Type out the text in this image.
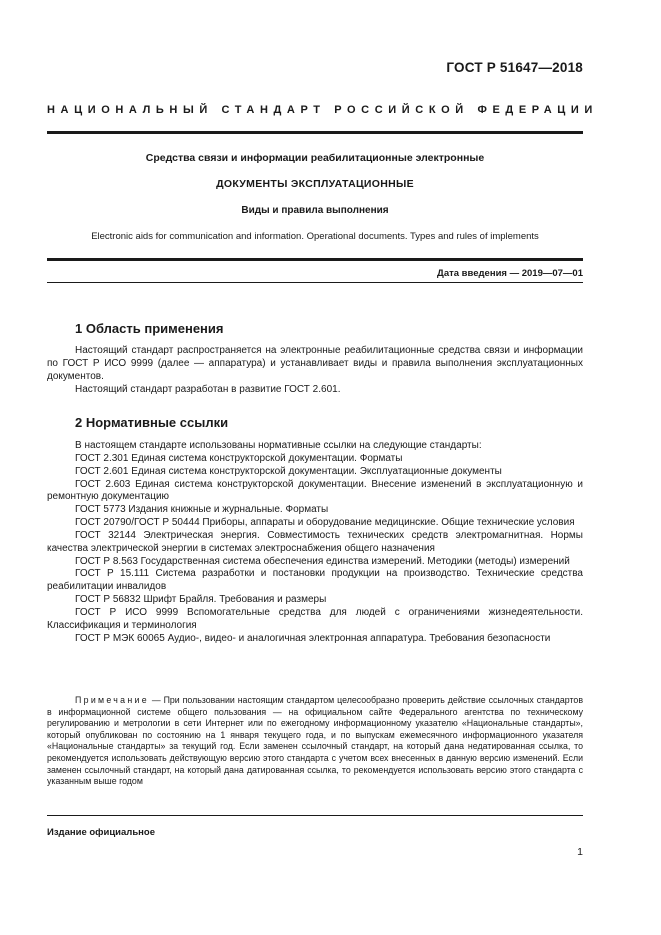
ГОСТ Р 51647—2018
НАЦИОНАЛЬНЫЙ СТАНДАРТ РОССИЙСКОЙ ФЕДЕРАЦИИ
Средства связи и информации реабилитационные электронные
ДОКУМЕНТЫ ЭКСПЛУАТАЦИОННЫЕ
Виды и правила выполнения
Electronic aids for communication and information. Operational documents. Types and rules of implements
Дата введения — 2019—07—01
1 Область применения

Настоящий стандарт распространяется на электронные реабилитационные средства связи и информации по ГОСТ Р ИСО 9999 (далее — аппаратура) и устанавливает виды и правила выполнения эксплуатационных документов.

Настоящий стандарт разработан в развитие ГОСТ 2.601.

2 Нормативные ссылки

В настоящем стандарте использованы нормативные ссылки на следующие стандарты:

ГОСТ 2.301 Единая система конструкторской документации. Форматы

ГОСТ 2.601 Единая система конструкторской документации. Эксплуатационные документы

ГОСТ 2.603 Единая система конструкторской документации. Внесение изменений в эксплуатационную и ремонтную документацию

ГОСТ 5773 Издания книжные и журнальные. Форматы

ГОСТ 20790/ГОСТ Р 50444 Приборы, аппараты и оборудование медицинские. Общие технические условия

ГОСТ 32144 Электрическая энергия. Совместимость технических средств электромагнитная. Нормы качества электрической энергии в системах электроснабжения общего назначения

ГОСТ Р 8.563 Государственная система обеспечения единства измерений. Методики (методы) измерений

ГОСТ Р 15.111 Система разработки и постановки продукции на производство. Технические средства реабилитации инвалидов

ГОСТ Р 56832 Шрифт Брайля. Требования и размеры

ГОСТ Р ИСО 9999 Вспомогательные средства для людей с ограничениями жизнедеятельности. Классификация и терминология

ГОСТ Р МЭК 60065 Аудио-, видео- и аналогичная электронная аппаратура. Требования безопасности

Примечание — При пользовании настоящим стандартом целесообразно проверить действие ссылочных стандартов в информационной системе общего пользования — на официальном сайте Федерального агентства по техническому регулированию и метрологии в сети Интернет или по ежегодному информационному указателю «Национальные стандарты», который опубликован по состоянию на 1 января текущего года, и по выпускам ежемесячного информационного указателя «Национальные стандарты» за текущий год. Если заменен ссылочный стандарт, на который дана недатированная ссылка, то рекомендуется использовать действующую версию этого стандарта с учетом всех внесенных в данную версию изменений. Если заменен ссылочный стандарт, на который дана датированная ссылка, то рекомендуется использовать версию этого стандарта с указанным выше годом

Издание официальное
1
